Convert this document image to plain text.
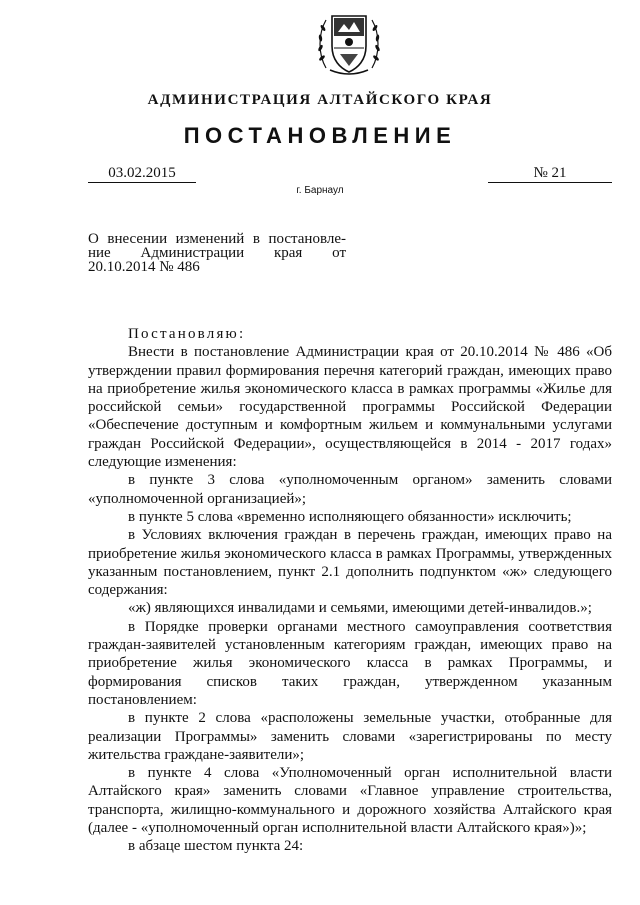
АДМИНИСТРАЦИЯ АЛТАЙСКОГО КРАЯ
ПОСТАНОВЛЕНИЕ
03.02.2015	№ 21
г. Барнаул
О внесении изменений в постановле-
ние Администрации края от
20.10.2014 № 486

Постановляю:

Внести в постановление Администрации края от 20.10.2014 № 486 «Об утверждении правил формирования перечня категорий граждан, имеющих право на приобретение жилья экономического класса в рамках программы «Жилье для российской семьи» государственной программы Российской Федерации «Обеспечение доступным и комфортным жильем и коммунальными услугами граждан Российской Федерации», осуществляющейся в 2014 - 2017 годах» следующие изменения:

в пункте 3 слова «уполномоченным органом» заменить словами «уполномоченной организацией»;

в пункте 5 слова «временно исполняющего обязанности» исключить;

в Условиях включения граждан в перечень граждан, имеющих право на приобретение жилья экономического класса в рамках Программы, утвержденных указанным постановлением, пункт 2.1 дополнить подпунктом «ж» следующего содержания:

«ж) являющихся инвалидами и семьями, имеющими детей-инвалидов.»;

в Порядке проверки органами местного самоуправления соответствия граждан-заявителей установленным категориям граждан, имеющих право на приобретение жилья экономического класса в рамках Программы, и формирования списков таких граждан, утвержденном указанным постановлением:

в пункте 2 слова «расположены земельные участки, отобранные для реализации Программы» заменить словами «зарегистрированы по месту жительства граждане-заявители»;

в пункте 4 слова «Уполномоченный орган исполнительной власти Алтайского края» заменить словами «Главное управление строительства, транспорта, жилищно-коммунального и дорожного хозяйства Алтайского края (далее - «уполномоченный орган исполнительной власти Алтайского края»)»;

в абзаце шестом пункта 24:
